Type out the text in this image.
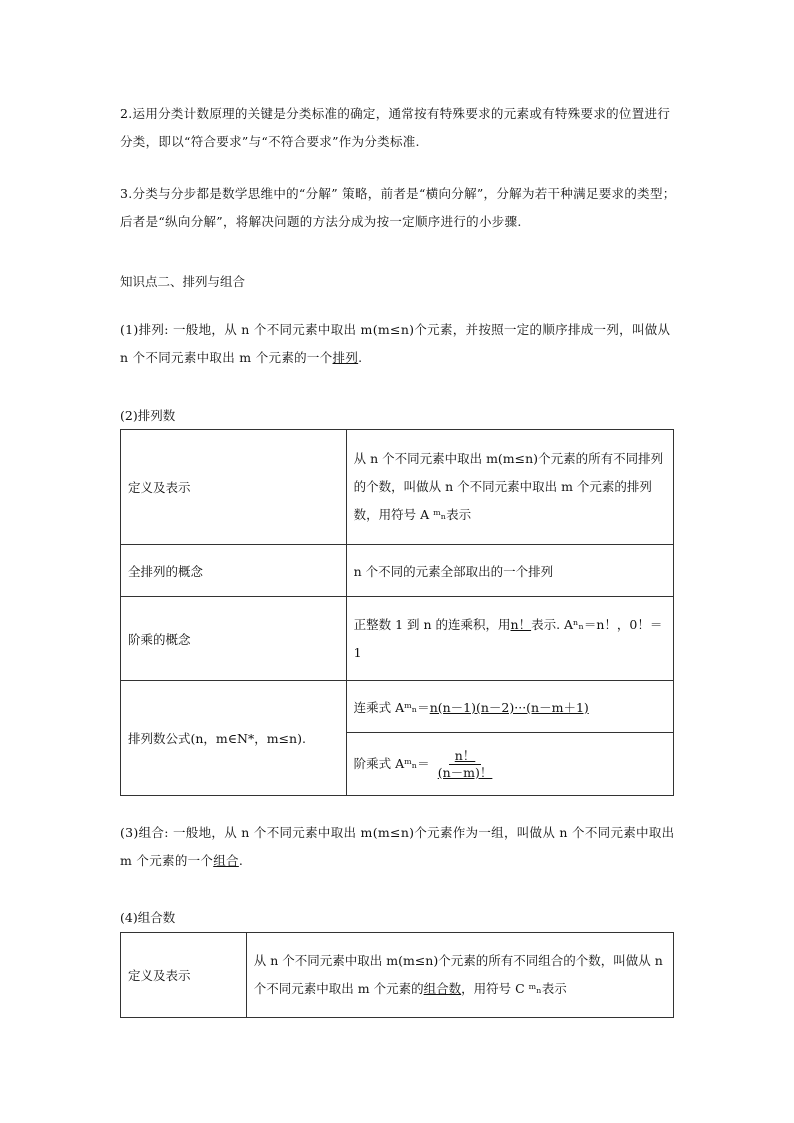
2.运用分类计数原理的关键是分类标准的确定，通常按有特殊要求的元素或有特殊要求的位置进行分类，即以“符合要求”与“不符合要求”作为分类标准.
3.分类与分步都是数学思维中的“分解” 策略，前者是“横向分解”，分解为若干种满足要求的类型；后者是“纵向分解”，将解决问题的方法分成为按一定顺序进行的小步骤.
知识点二、排列与组合
(1)排列: 一般地，从 n 个不同元素中取出 m(m≤n)个元素，并按照一定的顺序排成一列，叫做从 n 个不同元素中取出 m 个元素的一个排列.
(2)排列数
定义及表示	从 n 个不同元素中取出 m(m≤n)个元素的所有不同排列的个数，叫做从 n 个不同元素中取出 m 个元素的排列数，用符号 A ᵐₙ表示
全排列的概念	n 个不同的元素全部取出的一个排列
阶乘的概念	正整数 1 到 n 的连乘积，用n！表示. Aⁿₙ＝n！，0！＝1
排列数公式(n，m∈N*，m≤n).	连乘式 Aᵐₙ＝n(n－1)(n－2)···(n－m＋1)
	阶乘式 Aᵐₙ＝ $\frac{n!}{(n-m)!}$
(3)组合: 一般地，从 n 个不同元素中取出 m(m≤n)个元素作为一组，叫做从 n 个不同元素中取出 m 个元素的一个组合.
(4)组合数
定义及表示	从 n 个不同元素中取出 m(m≤n)个元素的所有不同组合的个数，叫做从 n 个不同元素中取出 m 个元素的组合数，用符号 C ᵐₙ表示
